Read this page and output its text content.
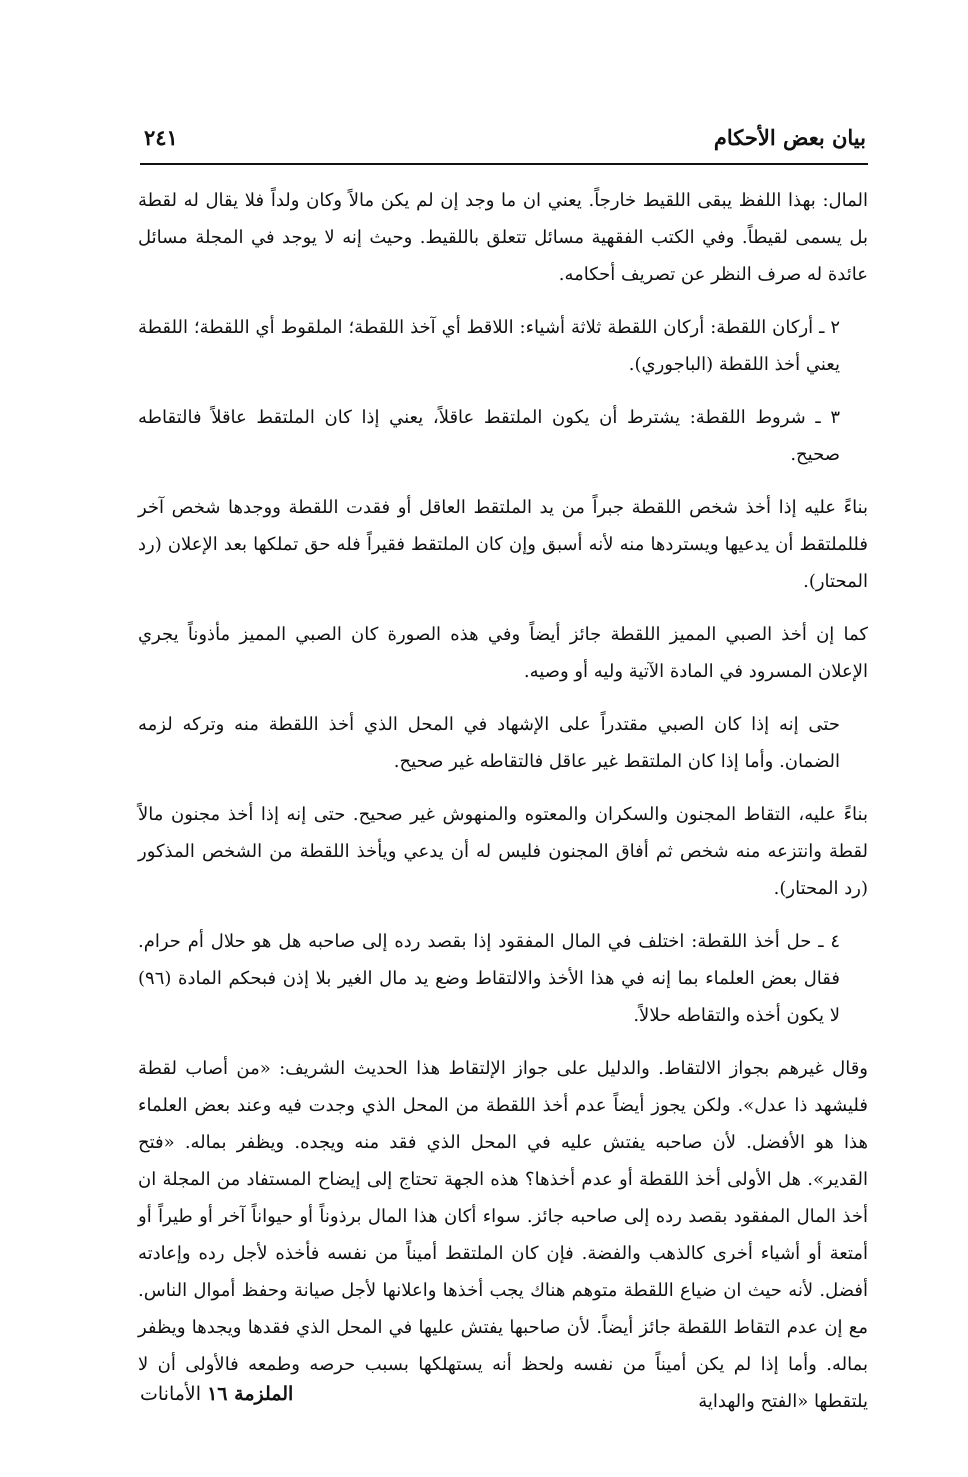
بيان بعض الأحكام
٢٤١

المال: بهذا اللفظ يبقى اللقيط خارجاً. يعني ان ما وجد إن لم يكن مالاً وكان ولداً فلا يقال له لقطة بل يسمى لقيطاً. وفي الكتب الفقهية مسائل تتعلق باللقيط. وحيث إنه لا يوجد في المجلة مسائل عائدة له صرف النظر عن تصريف أحكامه.

٢ ـ أركان اللقطة: أركان اللقطة ثلاثة أشياء: اللاقط أي آخذ اللقطة؛ الملقوط أي اللقطة؛ اللقطة يعني أخذ اللقطة (الباجوري).

٣ ـ شروط اللقطة: يشترط أن يكون الملتقط عاقلاً، يعني إذا كان الملتقط عاقلاً فالتقاطه صحيح.

بناءً عليه إذا أخذ شخص اللقطة جبراً من يد الملتقط العاقل أو فقدت اللقطة ووجدها شخص آخر فللملتقط أن يدعيها ويستردها منه لأنه أسبق وإن كان الملتقط فقيراً فله حق تملكها بعد الإعلان (رد المحتار).

كما إن أخذ الصبي المميز اللقطة جائز أيضاً وفي هذه الصورة كان الصبي المميز مأذوناً يجري الإعلان المسرود في المادة الآتية وليه أو وصيه.

حتى إنه إذا كان الصبي مقتدراً على الإشهاد في المحل الذي أخذ اللقطة منه وتركه لزمه الضمان. وأما إذا كان الملتقط غير عاقل فالتقاطه غير صحيح.

بناءً عليه، التقاط المجنون والسكران والمعتوه والمنهوش غير صحيح. حتى إنه إذا أخذ مجنون مالاً لقطة وانتزعه منه شخص ثم أفاق المجنون فليس له أن يدعي ويأخذ اللقطة من الشخص المذكور (رد المحتار).

٤ ـ حل أخذ اللقطة: اختلف في المال المفقود إذا بقصد رده إلى صاحبه هل هو حلال أم حرام. فقال بعض العلماء بما إنه في هذا الأخذ والالتقاط وضع يد مال الغير بلا إذن فبحكم المادة (٩٦) لا يكون أخذه والتقاطه حلالاً.

وقال غيرهم بجواز الالتقاط. والدليل على جواز الإلتقاط هذا الحديث الشريف: «من أصاب لقطة فليشهد ذا عدل». ولكن يجوز أيضاً عدم أخذ اللقطة من المحل الذي وجدت فيه وعند بعض العلماء هذا هو الأفضل. لأن صاحبه يفتش عليه في المحل الذي فقد منه ويجده. ويظفر بماله. «فتح القدير». هل الأولى أخذ اللقطة أو عدم أخذها؟ هذه الجهة تحتاج إلى إيضاح المستفاد من المجلة ان أخذ المال المفقود بقصد رده إلى صاحبه جائز. سواء أكان هذا المال برذوناً أو حيواناً آخر أو طيراً أو أمتعة أو أشياء أخرى كالذهب والفضة. فإن كان الملتقط أميناً من نفسه فأخذه لأجل رده وإعادته أفضل. لأنه حيث ان ضياع اللقطة متوهم هناك يجب أخذها واعلانها لأجل صيانة وحفظ أموال الناس. مع إن عدم التقاط اللقطة جائز أيضاً. لأن صاحبها يفتش عليها في المحل الذي فقدها ويجدها ويظفر بماله. وأما إذا لم يكن أميناً من نفسه ولحظ أنه يستهلكها بسبب حرصه وطمعه فالأولى أن لا يلتقطها «الفتح والهداية

الملزمة ١٦ الأمانات
